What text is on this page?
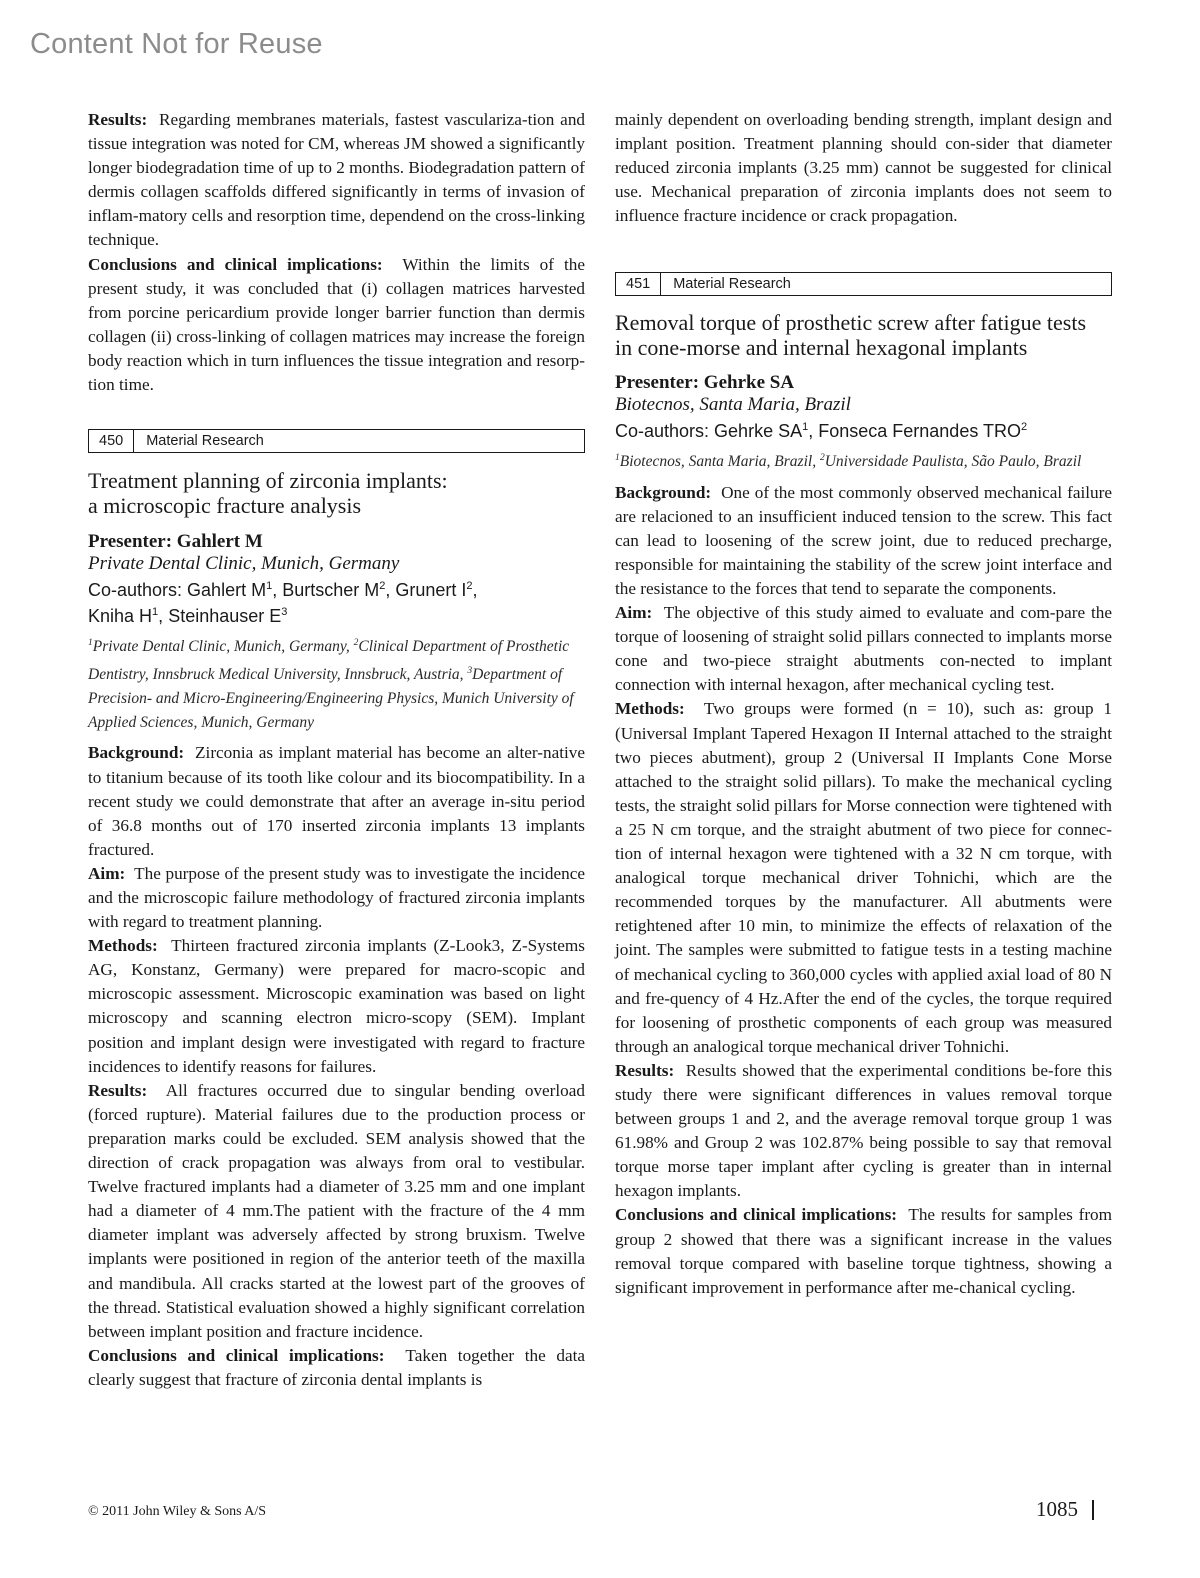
Content Not for Reuse

Results: Regarding membranes materials, fastest vasculariza-tion and tissue integration was noted for CM, whereas JM showed a significantly longer biodegradation time of up to 2 months. Biodegradation pattern of dermis collagen scaffolds differed significantly in terms of invasion of inflam-matory cells and resorption time, dependend on the cross-linking technique.

Conclusions and clinical implications: Within the limits of the present study, it was concluded that (i) collagen matrices harvested from porcine pericardium provide longer barrier function than dermis collagen (ii) cross-linking of collagen matrices may increase the foreign body reaction which in turn influences the tissue integration and resorp-tion time.

450	Material Research
Treatment planning of zirconia implants:
a microscopic fracture analysis

Presenter: Gahlert M

Private Dental Clinic, Munich, Germany

Co-authors: Gahlert $M^1$, Burtscher $M^2$, Grunert $I^2$,
Kniha $H^1$, Steinhauser $E^3$

$^1$Private Dental Clinic, Munich, Germany, $^2$Clinical Department of Prosthetic Dentistry, Innsbruck Medical University, Innsbruck, Austria, $^3$Department of Precision- and Micro-Engineering/Engineering Physics, Munich University of Applied Sciences, Munich, Germany

Background: Zirconia as implant material has become an alter-native to titanium because of its tooth like colour and its biocompatibility. In a recent study we could demonstrate that after an average in-situ period of 36.8 months out of 170 inserted zirconia implants 13 implants fractured.

Aim: The purpose of the present study was to investigate the incidence and the microscopic failure methodology of fractured zirconia implants with regard to treatment planning.

Methods: Thirteen fractured zirconia implants (Z-Look3, Z-Systems AG, Konstanz, Germany) were prepared for macro-scopic and microscopic assessment. Microscopic examination was based on light microscopy and scanning electron micro-scopy (SEM). Implant position and implant design were investigated with regard to fracture incidences to identify reasons for failures.

Results: All fractures occurred due to singular bending overload (forced rupture). Material failures due to the production process or preparation marks could be excluded. SEM analysis showed that the direction of crack propagation was always from oral to vestibular. Twelve fractured implants had a diameter of 3.25 mm and one implant had a diameter of 4 mm.The patient with the fracture of the 4 mm diameter implant was adversely affected by strong bruxism. Twelve implants were positioned in region of the anterior teeth of the maxilla and mandibula. All cracks started at the lowest part of the grooves of the thread. Statistical evaluation showed a highly significant correlation between implant position and fracture incidence.

Conclusions and clinical implications: Taken together the data clearly suggest that fracture of zirconia dental implants is

mainly dependent on overloading bending strength, implant design and implant position. Treatment planning should con-sider that diameter reduced zirconia implants (3.25 mm) cannot be suggested for clinical use. Mechanical preparation of zirconia implants does not seem to influence fracture incidence or crack propagation.

451	Material Research
Removal torque of prosthetic screw after fatigue tests
in cone-morse and internal hexagonal implants

Presenter: Gehrke SA

Biotecnos, Santa Maria, Brazil

Co-authors: Gehrke $SA^1$, Fonseca Fernandes TRO$^2$

$^1$Biotecnos, Santa Maria, Brazil, $^2$Universidade Paulista, São Paulo, Brazil

Background: One of the most commonly observed mechanical failure are relacioned to an insufficient induced tension to the screw. This fact can lead to loosening of the screw joint, due to reduced precharge, responsible for maintaining the stability of the screw joint interface and the resistance to the forces that tend to separate the components.

Aim: The objective of this study aimed to evaluate and com-pare the torque of loosening of straight solid pillars connected to implants morse cone and two-piece straight abutments con-nected to implant connection with internal hexagon, after mechanical cycling test.

Methods: Two groups were formed (n = 10), such as: group 1 (Universal Implant Tapered Hexagon II Internal attached to the straight two pieces abutment), group 2 (Universal II Implants Cone Morse attached to the straight solid pillars). To make the mechanical cycling tests, the straight solid pillars for Morse connection were tightened with a 25 N cm torque, and the straight abutment of two piece for connec-tion of internal hexagon were tightened with a 32 N cm torque, with analogical torque mechanical driver Tohnichi, which are the recommended torques by the manufacturer. All abutments were retightened after 10 min, to minimize the effects of relaxation of the joint. The samples were submitted to fatigue tests in a testing machine of mechanical cycling to 360,000 cycles with applied axial load of 80 N and fre-quency of 4 Hz.After the end of the cycles, the torque required for loosening of prosthetic components of each group was measured through an analogical torque mechanical driver Tohnichi.

Results: Results showed that the experimental conditions be-fore this study there were significant differences in values removal torque between groups 1 and 2, and the average removal torque group 1 was 61.98% and Group 2 was 102.87% being possible to say that removal torque morse taper implant after cycling is greater than in internal hexagon implants.

Conclusions and clinical implications: The results for samples from group 2 showed that there was a significant increase in the values removal torque compared with baseline torque tightness, showing a significant improvement in performance after me-chanical cycling.

© 2011 John Wiley & Sons A/S	1085
